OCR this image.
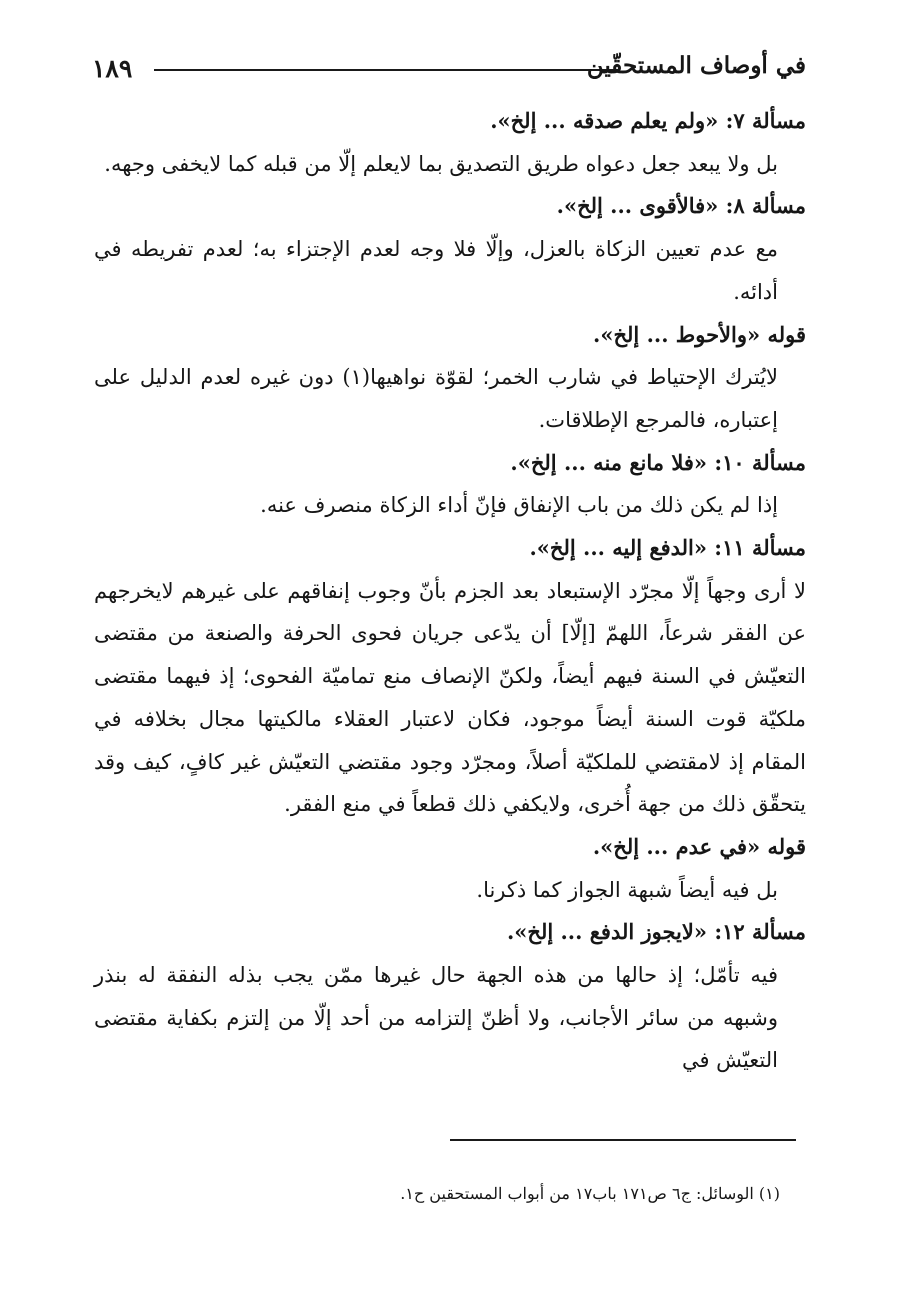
١٨٩	في أوصاف المستحقّين

مسألة ٧: «ولم يعلم صدقه ... إلخ».

بل ولا يبعد جعل دعواه طريق التصديق بما لايعلم إلّا من قبله كما لايخفى وجهه.

مسألة ٨: «فالأقوى ... إلخ».

مع عدم تعيين الزكاة بالعزل، وإلّا فلا وجه لعدم الإجتزاء به؛ لعدم تفريطه في أدائه.

قوله «والأحوط ... إلخ».

لايُترك الإحتياط في شارب الخمر؛ لقوّة نواهيها(١) دون غيره لعدم الدليل على إعتباره، فالمرجع الإطلاقات.

مسألة ١٠: «فلا مانع منه ... إلخ».

إذا لم يكن ذلك من باب الإنفاق فإنّ أداء الزكاة منصرف عنه.

مسألة ١١: «الدفع إليه ... إلخ».

لا أرى وجهاً إلّا مجرّد الإستبعاد بعد الجزم بأنّ وجوب إنفاقهم على غيرهم لايخرجهم عن الفقر شرعاً، اللهمّ [إلّا] أن يدّعى جريان فحوى الحرفة والصنعة من مقتضى التعيّش في السنة فيهم أيضاً، ولكنّ الإنصاف منع تماميّة الفحوى؛ إذ فيهما مقتضى ملكيّة قوت السنة أيضاً موجود، فكان لاعتبار العقلاء مالكيتها مجال بخلافه في المقام إذ لامقتضي للملكيّة أصلاً، ومجرّد وجود مقتضي التعيّش غير كافٍ، كيف وقد يتحقّق ذلك من جهة أُخرى، ولايكفي ذلك قطعاً في منع الفقر.

قوله «في عدم ... إلخ».

بل فيه أيضاً شبهة الجواز كما ذكرنا.

مسألة ١٢: «لايجوز الدفع ... إلخ».

فيه تأمّل؛ إذ حالها من هذه الجهة حال غيرها ممّن يجب بذله النفقة له بنذر وشبهه من سائر الأجانب، ولا أظنّ إلتزامه من أحد إلّا من إلتزم بكفاية مقتضى التعيّش في

(١) الوسائل: ج٦ ص١٧١ باب١٧ من أبواب المستحقين ح١.
